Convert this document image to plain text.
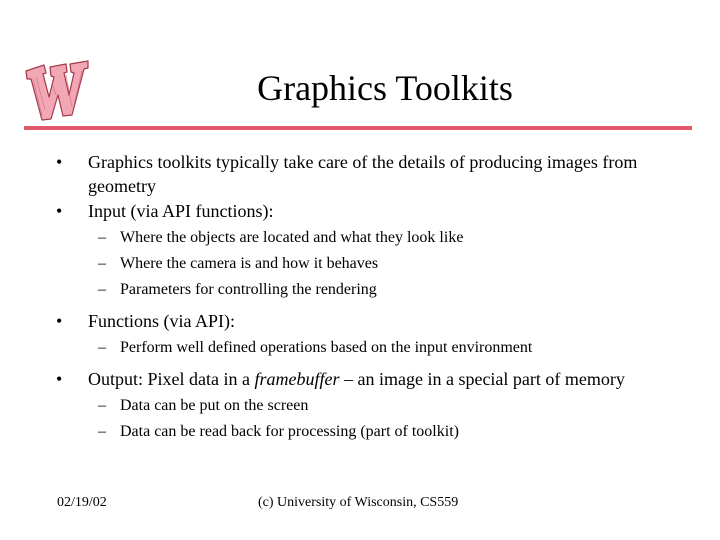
Graphics Toolkits
• Graphics toolkits typically take care of the details of producing images from geometry
• Input (via API functions):
– Where the objects are located and what they look like
– Where the camera is and how it behaves
– Parameters for controlling the rendering
• Functions (via API):
– Perform well defined operations based on the input environment
• Output: Pixel data in a framebuffer – an image in a special part of memory
– Data can be put on the screen
– Data can be read back for processing (part of toolkit)
02/19/02	(c) University of Wisconsin, CS559
